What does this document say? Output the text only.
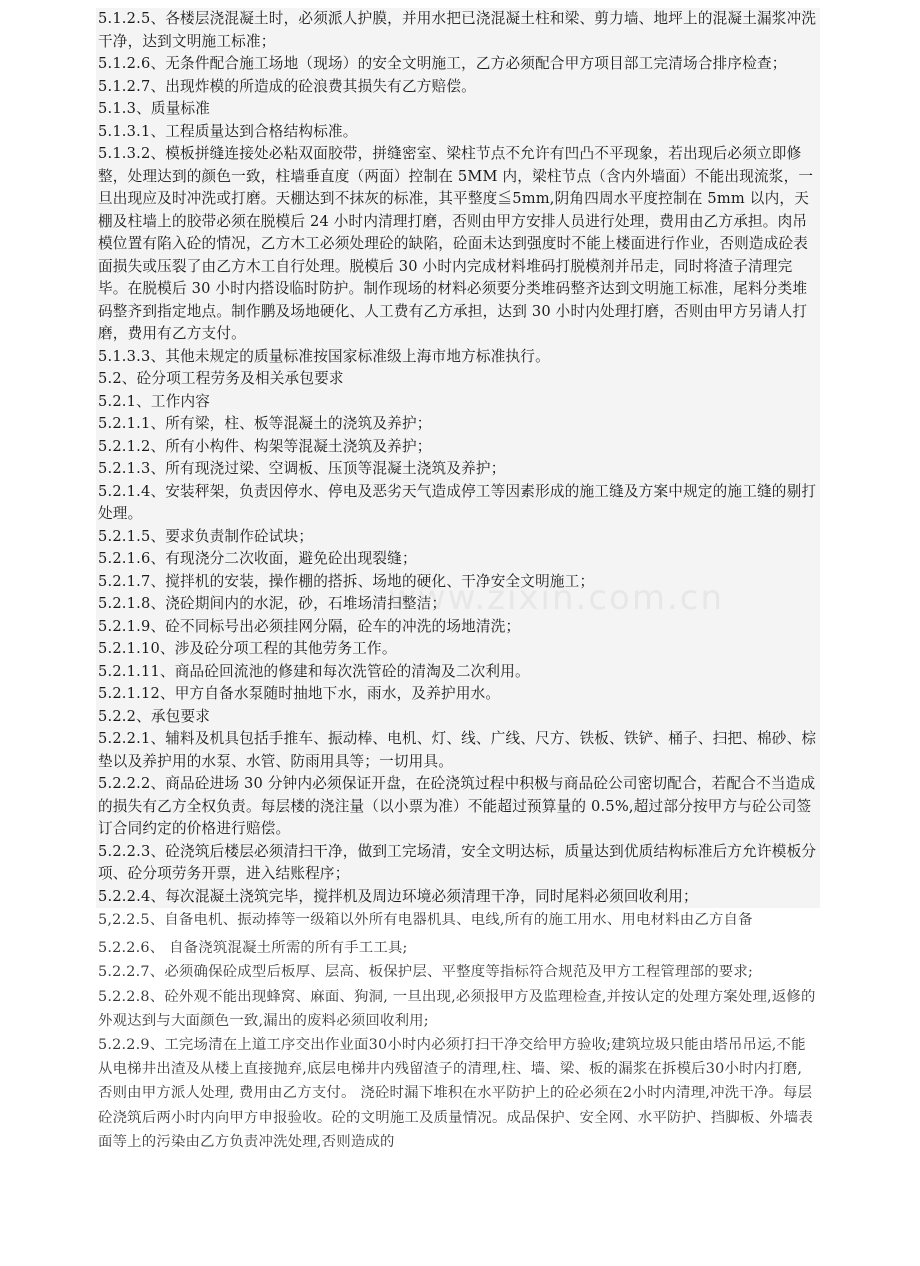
5.1.2.5、各楼层浇混凝土时，必须派人护膜，并用水把已浇混凝土柱和梁、剪力墙、地坪上的混凝土漏浆冲洗干净，达到文明施工标准；

5.1.2.6、无条件配合施工场地（现场）的安全文明施工，乙方必须配合甲方项目部工完清场合排序检查；

5.1.2.7、出现炸模的所造成的砼浪费其损失有乙方赔偿。

5.1.3、质量标准

5.1.3.1、工程质量达到合格结构标准。

5.1.3.2、模板拼缝连接处必粘双面胶带，拼缝密室、梁柱节点不允许有凹凸不平现象，若出现后必须立即修整，处理达到的颜色一致，柱墙垂直度（两面）控制在 5MM 内，梁柱节点（含内外墙面）不能出现流浆，一旦出现应及时冲洗或打磨。天棚达到不抹灰的标准，其平整度≦5mm,阴角四周水平度控制在 5mm 以内，天棚及柱墙上的胶带必须在脱模后 24 小时内清理打磨，否则由甲方安排人员进行处理，费用由乙方承担。肉吊模位置有陷入砼的情况，乙方木工必须处理砼的缺陷，砼面未达到强度时不能上楼面进行作业，否则造成砼表面损失或压裂了由乙方木工自行处理。脱模后 30 小时内完成材料堆码打脱模剂并吊走，同时将渣子清理完毕。在脱模后 30 小时内搭设临时防护。制作现场的材料必须要分类堆码整齐达到文明施工标准，尾料分类堆码整齐到指定地点。制作鹏及场地硬化、人工费有乙方承担，达到 30 小时内处理打磨，否则由甲方另请人打磨，费用有乙方支付。

5.1.3.3、其他未规定的质量标准按国家标准级上海市地方标准执行。

5.2、砼分项工程劳务及相关承包要求

5.2.1、工作内容

5.2.1.1、所有梁，柱、板等混凝土的浇筑及养护；

5.2.1.2、所有小构件、构架等混凝土浇筑及养护；

5.2.1.3、所有现浇过梁、空调板、压顶等混凝土浇筑及养护；

5.2.1.4、安装秤架，负责因停水、停电及恶劣天气造成停工等因素形成的施工缝及方案中规定的施工缝的剔打处理。

5.2.1.5、要求负责制作砼试块；

5.2.1.6、有现浇分二次收面，避免砼出现裂缝；

5.2.1.7、搅拌机的安装，操作棚的搭拆、场地的硬化、干净安全文明施工；

5.2.1.8、浇砼期间内的水泥，砂，石堆场清扫整洁；

5.2.1.9、砼不同标号出必须挂网分隔，砼车的冲洗的场地清洗；

5.2.1.10、涉及砼分项工程的其他劳务工作。

5.2.1.11、商品砼回流池的修建和每次洗管砼的清淘及二次利用。

5.2.1.12、甲方自备水泵随时抽地下水，雨水，及养护用水。

5.2.2、承包要求

5.2.2.1、辅料及机具包括手推车、振动棒、电机、灯、线、广线、尺方、铁板、铁铲、桶子、扫把、棉砂、棕垫以及养护用的水泵、水管、防雨用具等；一切用具。

5.2.2.2、商品砼进场 30 分钟内必须保证开盘，在砼浇筑过程中积极与商品砼公司密切配合，若配合不当造成的损失有乙方全权负责。每层楼的浇注量（以小票为准）不能超过预算量的 0.5%,超过部分按甲方与砼公司签订合同约定的价格进行赔偿。

5.2.2.3、砼浇筑后楼层必须清扫干净，做到工完场清，安全文明达标，质量达到优质结构标准后方允许模板分项、砼分项劳务开票，进入结账程序；

5.2.2.4、每次混凝土浇筑完毕，搅拌机及周边环境必须清理干净，同时尾料必须回收利用；

5,2.2.5、自备电机、振动捧等一级箱以外所有电器机具、电线,所有的施工用水、用电材料由乙方自备

5.2.2.6、 自备浇筑混凝土所需的所有手工工具;

5.2.2.7、必须确保砼成型后板厚、层高、板保护层、平整度等指标符合规范及甲方工程管理部的要求;

5.2.2.8、砼外观不能出现蜂窝、麻面、狗洞, 一旦出现,必须报甲方及监理检查,并按认定的处理方案处理,返修的外观达到与大面颜色一致,漏出的废料必须回收利用;

5.2.2.9、工完场清在上道工序交出作业面30小时内必须打扫干净交给甲方验收;建筑垃圾只能由塔吊吊运,不能从电梯井出渣及从楼上直接抛弃,底层电梯井内残留渣子的清理,柱、墙、梁、板的漏浆在拆模后30小时内打磨, 否则由甲方派人处理, 费用由乙方支付。 浇砼时漏下堆积在水平防护上的砼必须在2小时内清理,冲洗干净。每层砼浇筑后两小时内向甲方申报验收。砼的文明施工及质量情况。成品保护、安全网、水平防护、挡脚板、外墙表面等上的污染由乙方负责冲洗处理,否则造成的
